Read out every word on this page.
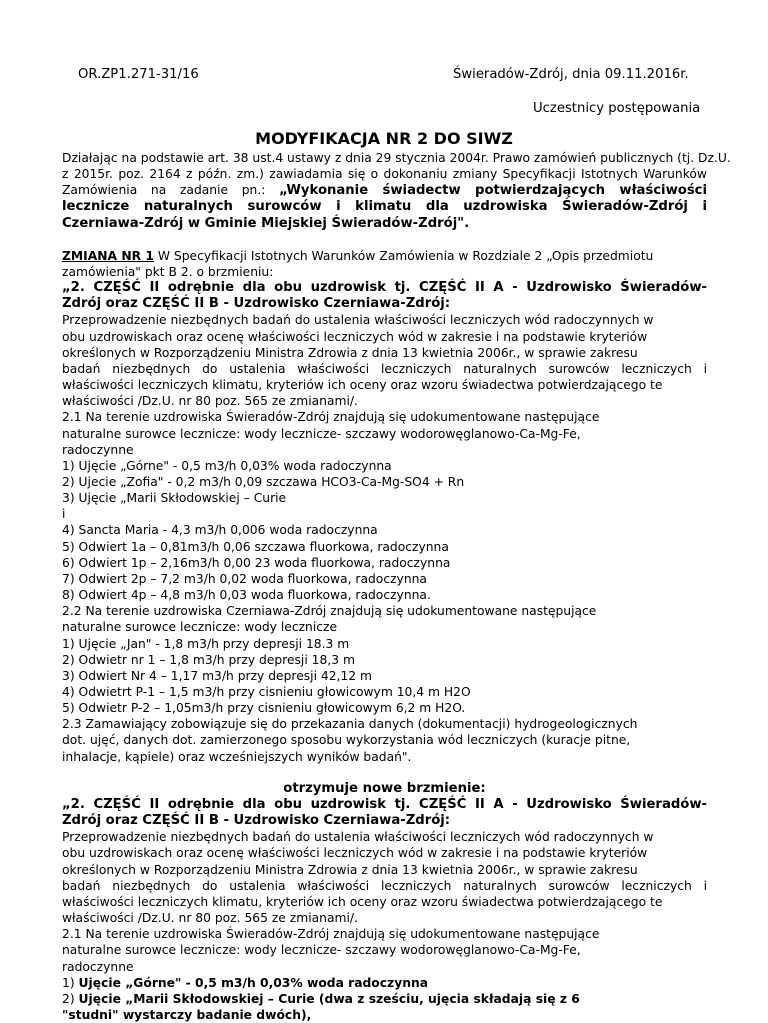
OR.ZP1.271-31/16	Świeradów-Zdrój, dnia 09.11.2016r.
Uczestnicy postępowania
MODYFIKACJA NR 2 DO SIWZ
Działając na podstawie art. 38 ust.4 ustawy z dnia 29 stycznia 2004r. Prawo zamówień publicznych (tj. Dz.U.
z 2015r. poz. 2164 z późn. zm.) zawiadamia się o dokonaniu zmiany Specyfikacji Istotnych Warunków
Zamówienia na zadanie pn.: „Wykonanie świadectw potwierdzających właściwości
lecznicze naturalnych surowców i klimatu dla uzdrowiska Świeradów-Zdrój i
Czerniawa-Zdrój w Gminie Miejskiej Świeradów-Zdrój".
ZMIANA NR 1 W Specyfikacji Istotnych Warunków Zamówienia w Rozdziale 2 „Opis przedmiotu
zamówienia" pkt B 2. o brzmieniu:
„2. CZĘŚĆ II odrębnie dla obu uzdrowisk tj. CZĘŚĆ II A - Uzdrowisko Świeradów-
Zdrój oraz CZĘŚĆ II B - Uzdrowisko Czerniawa-Zdrój:
Przeprowadzenie niezbędnych badań do ustalenia właściwości leczniczych wód radoczynnych w
obu uzdrowiskach oraz ocenę właściwości leczniczych wód w zakresie i na podstawie kryteriów
określonych w Rozporządzeniu Ministra Zdrowia z dnia 13 kwietnia 2006r., w sprawie zakresu
badań niezbędnych do ustalenia właściwości leczniczych naturalnych surowców leczniczych i
właściwości leczniczych klimatu, kryteriów ich oceny oraz wzoru świadectwa potwierdzającego te
właściwości /Dz.U. nr 80 poz. 565 ze zmianami/.
2.1 Na terenie uzdrowiska Świeradów-Zdrój znajdują się udokumentowane następujące
naturalne surowce lecznicze: wody lecznicze- szczawy wodorowęglanowo-Ca-Mg-Fe,
radoczynne
1) Ujęcie „Górne" - 0,5 m3/h 0,03% woda radoczynna
2) Ujecie „Zofia" - 0,2 m3/h 0,09 szczawa HCO3-Ca-Mg-SO4 + Rn
3) Ujęcie „Marii Skłodowskiej – Curie
i
4) Sancta Maria - 4,3 m3/h 0,006 woda radoczynna
5) Odwiert 1a – 0,81m3/h 0,06 szczawa fluorkowa, radoczynna
6) Odwiert 1p – 2,16m3/h 0,00 23 woda fluorkowa, radoczynna
7) Odwiert 2p – 7,2 m3/h 0,02 woda fluorkowa, radoczynna
8) Odwiert 4p – 4,8 m3/h 0,03 woda fluorkowa, radoczynna.
2.2 Na terenie uzdrowiska Czerniawa-Zdrój znajdują się udokumentowane następujące
naturalne surowce lecznicze: wody lecznicze
1) Ujęcie „Jan" - 1,8 m3/h przy depresji 18.3 m
2) Odwietr nr 1 – 1,8 m3/h przy depresji 18,3 m
3) Odwiert Nr 4 – 1,17 m3/h przy depresji 42,12 m
4) Odwietrt P-1 – 1,5 m3/h przy cisnieniu głowicowym 10,4 m H2O
5) Odwietr P-2 – 1,05m3/h przy cisnieniu głowicowym 6,2 m H2O.
2.3 Zamawiający zobowiązuje się do przekazania danych (dokumentacji) hydrogeologicznych
dot. ujęć, danych dot. zamierzonego sposobu wykorzystania wód leczniczych (kuracje pitne,
inhalacje, kąpiele) oraz wcześniejszych wyników badań".
otrzymuje nowe brzmienie:
„2. CZĘŚĆ II odrębnie dla obu uzdrowisk tj. CZĘŚĆ II A - Uzdrowisko Świeradów-
Zdrój oraz CZĘŚĆ II B - Uzdrowisko Czerniawa-Zdrój:
Przeprowadzenie niezbędnych badań do ustalenia właściwości leczniczych wód radoczynnych w
obu uzdrowiskach oraz ocenę właściwości leczniczych wód w zakresie i na podstawie kryteriów
określonych w Rozporządzeniu Ministra Zdrowia z dnia 13 kwietnia 2006r., w sprawie zakresu
badań niezbędnych do ustalenia właściwości leczniczych naturalnych surowców leczniczych i
właściwości leczniczych klimatu, kryteriów ich oceny oraz wzoru świadectwa potwierdzającego te
właściwości /Dz.U. nr 80 poz. 565 ze zmianami/.
2.1 Na terenie uzdrowiska Świeradów-Zdrój znajdują się udokumentowane następujące
naturalne surowce lecznicze: wody lecznicze- szczawy wodorowęglanowo-Ca-Mg-Fe,
radoczynne
1) Ujęcie „Górne" - 0,5 m3/h 0,03% woda radoczynna
2) Ujęcie „Marii Skłodowskiej – Curie (dwa z sześciu, ujęcia składają się z 6
"studni" wystarczy badanie dwóch),
